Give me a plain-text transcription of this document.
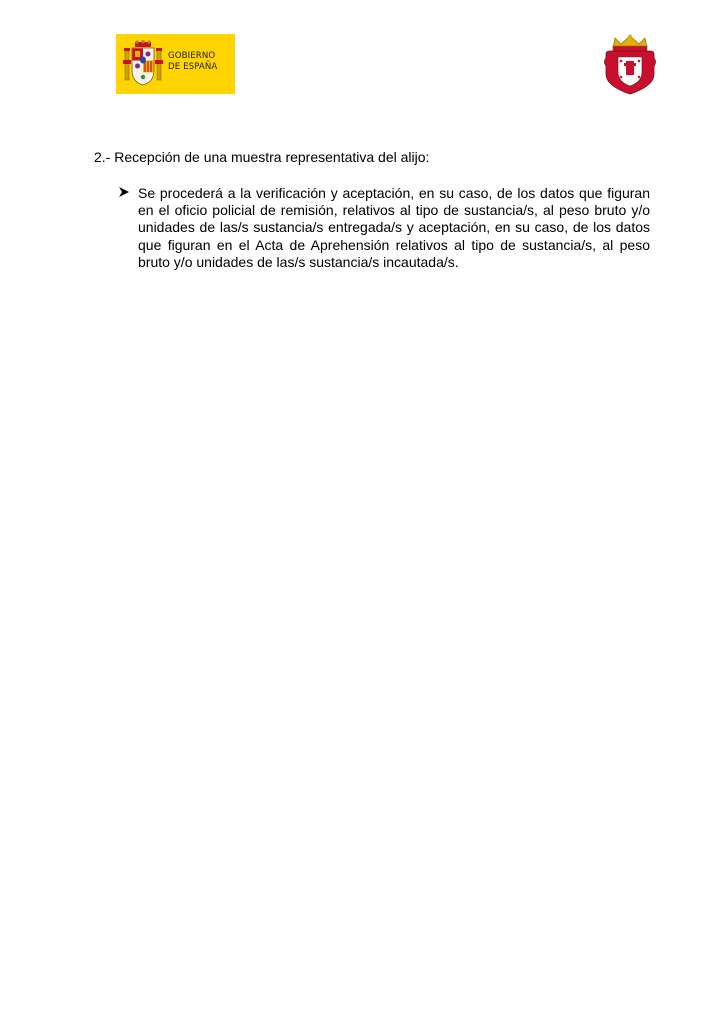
GOBIERNO
DE ESPAÑA
2.- Recepción de una muestra representativa del alijo:

Se procederá a la verificación y aceptación, en su caso, de los datos que figuran en el oficio policial de remisión, relativos al tipo de sustancia/s, al peso bruto y/o unidades de las/s sustancia/s entregada/s y aceptación, en su caso, de los datos que figuran en el Acta de Aprehensión relativos al tipo de sustancia/s, al peso bruto y/o unidades de las/s sustancia/s incautada/s.
